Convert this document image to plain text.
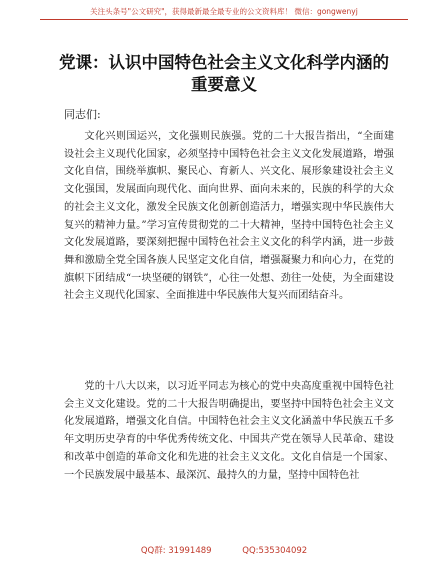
关注头条号"公文研究"，获得最新最全最专业的公文资料库！ 微信：gongwenyj
党课：认识中国特色社会主义文化科学内涵的
重要意义
同志们:

文化兴则国运兴，文化强则民族强。党的二十大报告指出，“全面建设社会主义现代化国家，必须坚持中国特色社会主义文化发展道路，增强文化自信，围绕举旗帜、聚民心、育新人、兴文化、展形象建设社会主义文化强国，发展面向现代化、面向世界、面向未来的，民族的科学的大众的社会主义文化，激发全民族文化创新创造活力，增强实现中华民族伟大复兴的精神力量。”学习宣传贯彻党的二十大精神，坚持中国特色社会主义文化发展道路，要深刻把握中国特色社会主义文化的科学内涵，进一步鼓舞和激励全党全国各族人民坚定文化自信，增强凝聚力和向心力，在党的旗帜下团结成“一块坚硬的钢铁”，心往一处想、劲往一处使，为全面建设社会主义现代化国家、全面推进中华民族伟大复兴而团结奋斗。

党的十八大以来，以习近平同志为核心的党中央高度重视中国特色社会主义文化建设。党的二十大报告明确提出，要坚持中国特色社会主义文化发展道路，增强文化自信。中国特色社会主义文化涵盖中华民族五千多年文明历史孕育的中华优秀传统文化、中国共产党在领导人民革命、建设和改革中创造的革命文化和先进的社会主义文化。文化自信是一个国家、一个民族发展中最基本、最深沉、最持久的力量，坚持中国特色社

QQ群: 31991489	QQ:535304092
